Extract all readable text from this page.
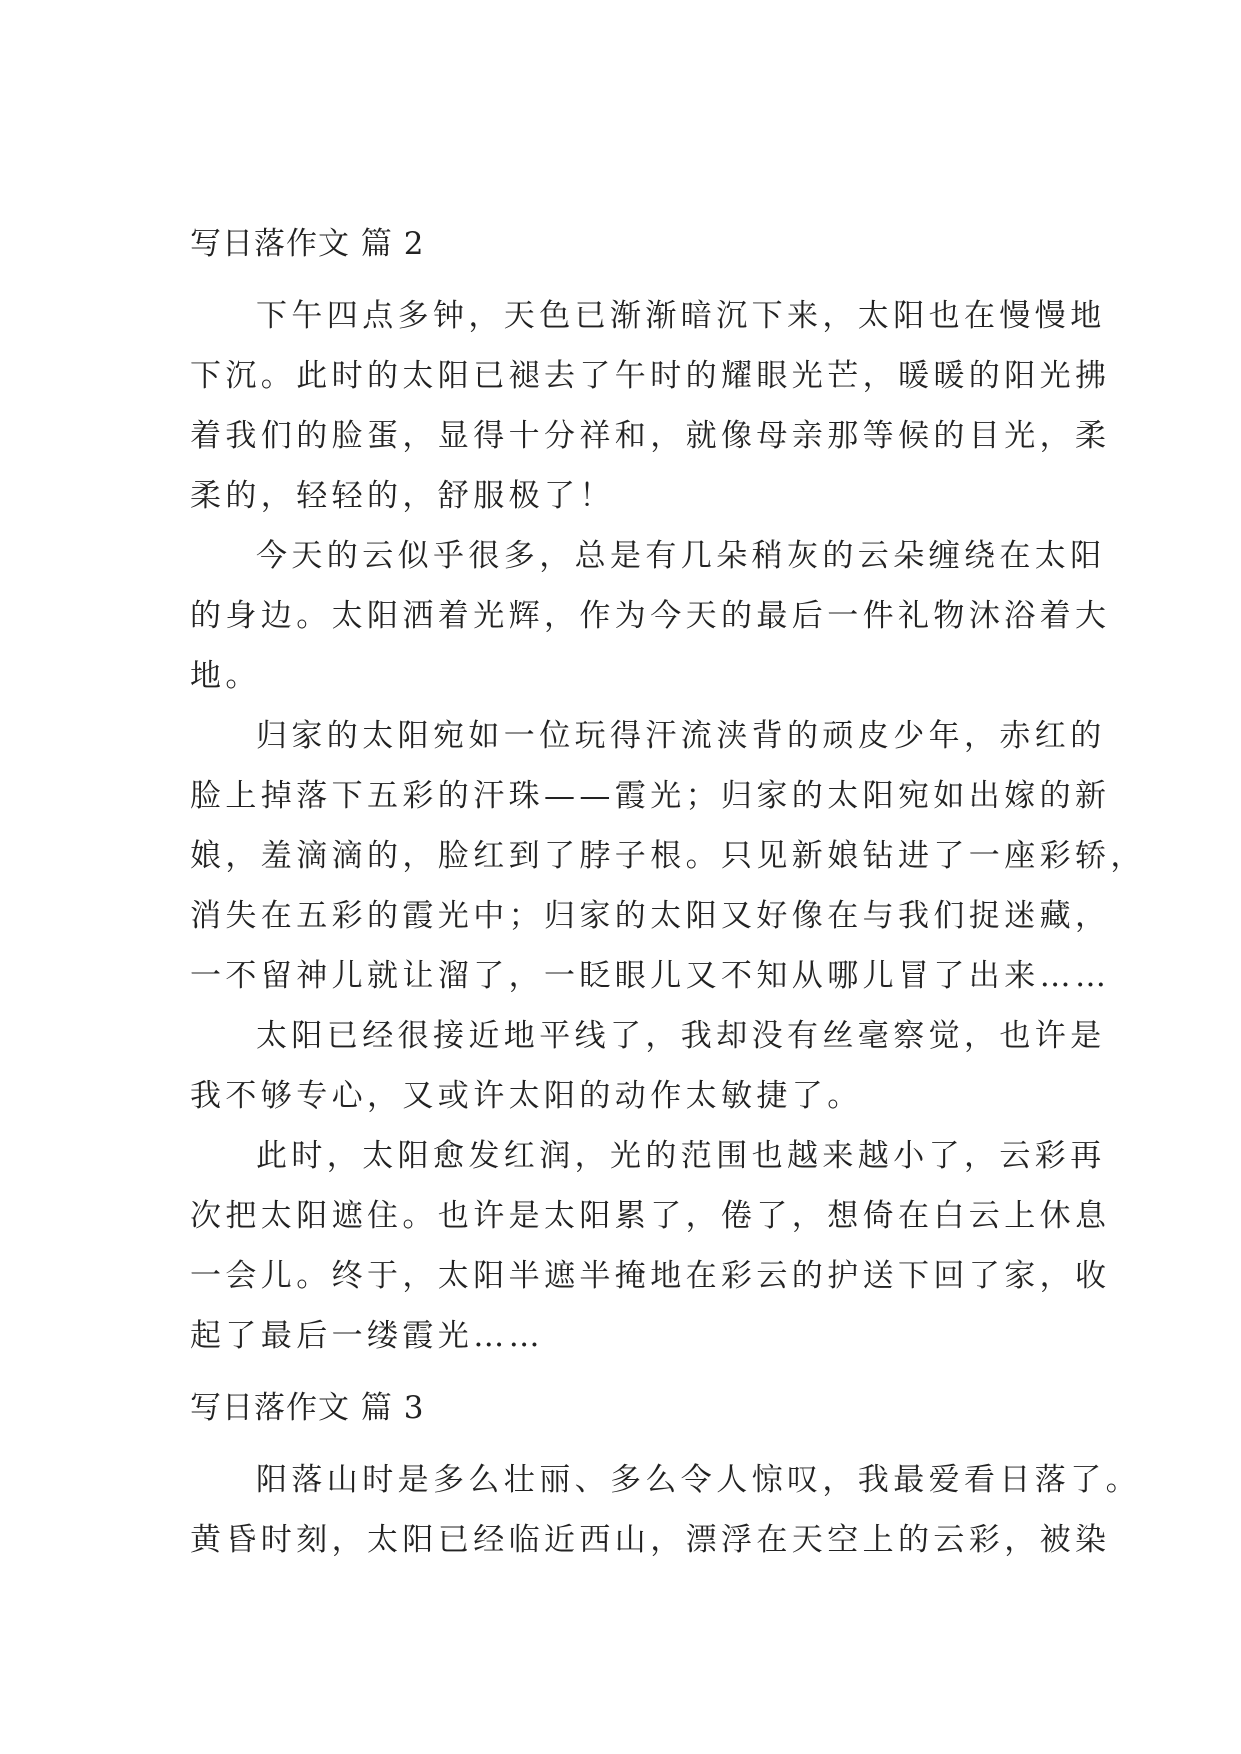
写日落作文 篇 2
下午四点多钟，天色已渐渐暗沉下来，太阳也在慢慢地
下沉。此时的太阳已褪去了午时的耀眼光芒，暖暖的阳光拂
着我们的脸蛋，显得十分祥和，就像母亲那等候的目光，柔
柔的，轻轻的，舒服极了！
今天的云似乎很多，总是有几朵稍灰的云朵缠绕在太阳
的身边。太阳洒着光辉，作为今天的最后一件礼物沐浴着大
地。
归家的太阳宛如一位玩得汗流浃背的顽皮少年，赤红的
脸上掉落下五彩的汗珠——霞光；归家的太阳宛如出嫁的新
娘，羞滴滴的，脸红到了脖子根。只见新娘钻进了一座彩轿，
消失在五彩的霞光中；归家的太阳又好像在与我们捉迷藏，
一不留神儿就让溜了，一眨眼儿又不知从哪儿冒了出来……
太阳已经很接近地平线了，我却没有丝毫察觉，也许是
我不够专心，又或许太阳的动作太敏捷了。
此时，太阳愈发红润，光的范围也越来越小了，云彩再
次把太阳遮住。也许是太阳累了，倦了，想倚在白云上休息
一会儿。终于，太阳半遮半掩地在彩云的护送下回了家，收
起了最后一缕霞光……
写日落作文 篇 3
阳落山时是多么壮丽、多么令人惊叹，我最爱看日落了。
黄昏时刻，太阳已经临近西山，漂浮在天空上的云彩，被染
